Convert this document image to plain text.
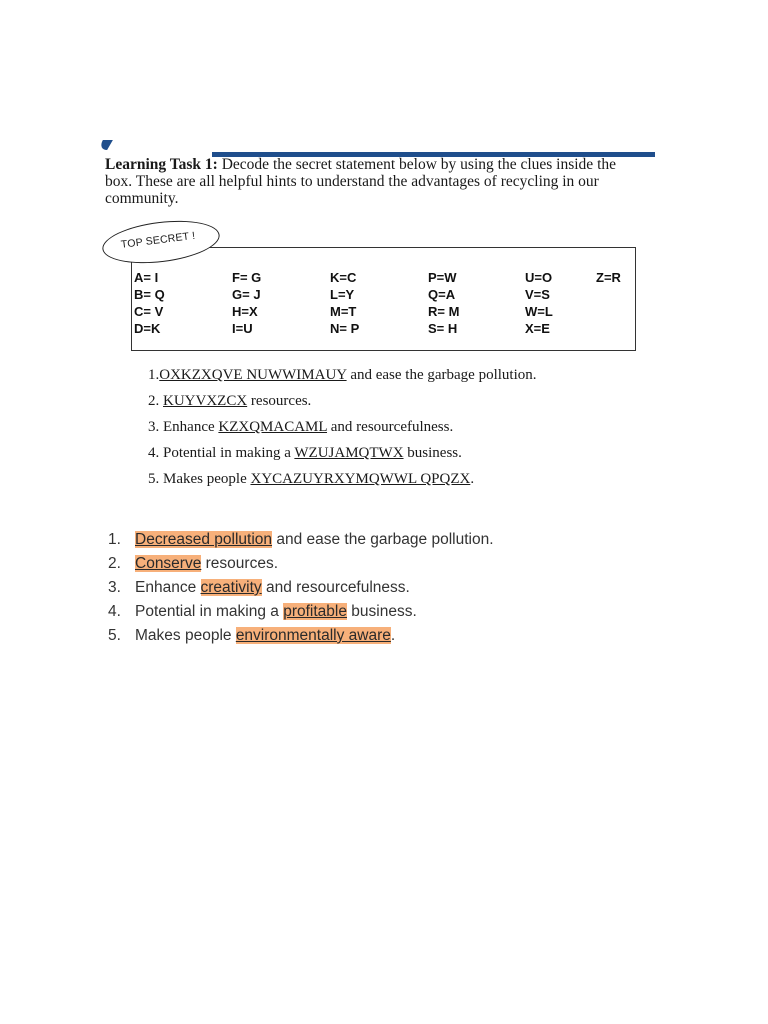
Learning Task 1: Decode the secret statement below by using the clues inside the box. These are all helpful hints to understand the advantages of recycling in our community.
TOP SECRET !
A= I
B= Q
C= V
D=K
F= G
G= J
H=X
I=U
K=C
L=Y
M=T
N= P
P=W
Q=A
R= M
S= H
U=O
V=S
W=L
X=E
Z=R
1.OXKZXQVE NUWWIMAUY and ease the garbage pollution.
2. KUYVXZCX resources.
3. Enhance KZXQMACAML and resourcefulness.
4. Potential in making a WZUJAMQTWX business.
5. Makes people XYCAZUYRXYMQWWL QPQZX.
1. Decreased pollution and ease the garbage pollution.
2. Conserve resources.
3. Enhance creativity and resourcefulness.
4. Potential in making a profitable business.
5. Makes people environmentally aware.
